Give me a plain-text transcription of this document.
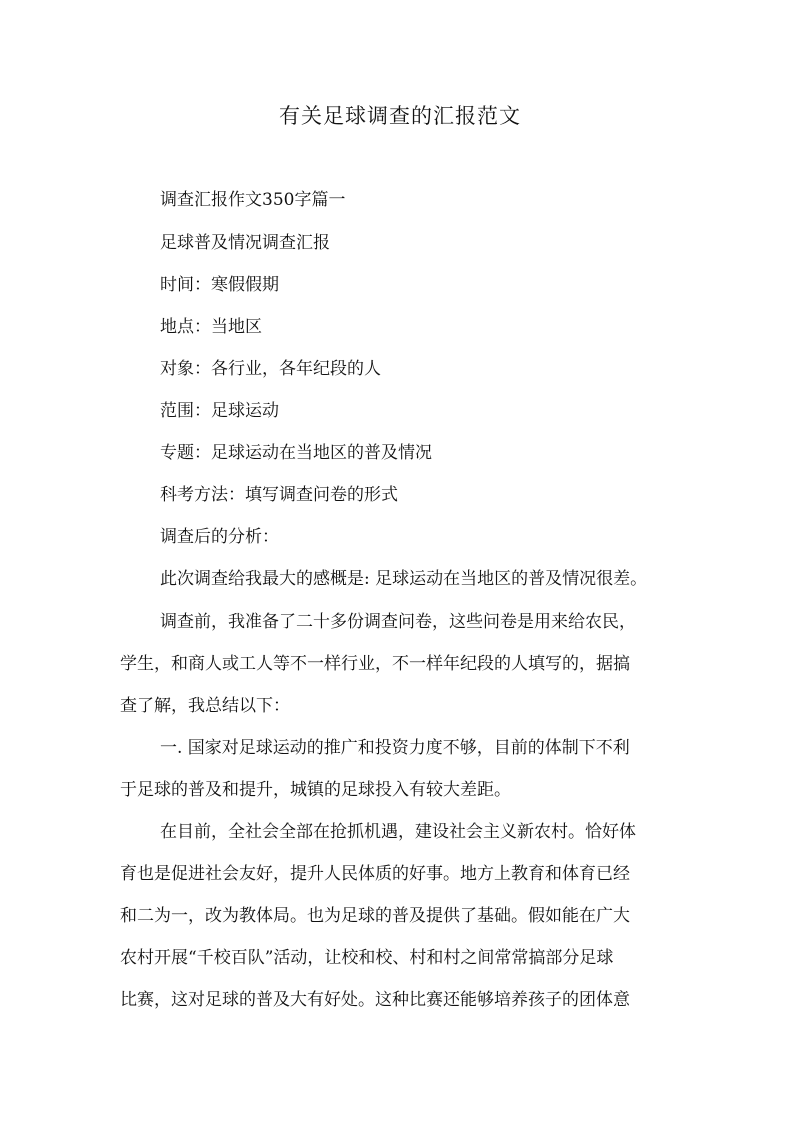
有关足球调查的汇报范文
调查汇报作文350字篇一
足球普及情况调查汇报
时间：寒假假期
地点：当地区
对象：各行业，各年纪段的人
范围：足球运动
专题：足球运动在当地区的普及情况
科考方法：填写调查问卷的形式
调查后的分析：
此次调查给我最大的感概是: 足球运动在当地区的普及情况很差。
调查前，我准备了二十多份调查问卷，这些问卷是用来给农民，
学生，和商人或工人等不一样行业，不一样年纪段的人填写的，据搞
查了解，我总结以下：
一. 国家对足球运动的推广和投资力度不够，目前的体制下不利
于足球的普及和提升，城镇的足球投入有较大差距。
在目前，全社会全部在抢抓机遇，建设社会主义新农村。恰好体
育也是促进社会友好，提升人民体质的好事。地方上教育和体育已经
和二为一，改为教体局。也为足球的普及提供了基础。假如能在广大
农村开展“千校百队”活动，让校和校、村和村之间常常搞部分足球
比赛，这对足球的普及大有好处。这种比赛还能够培养孩子的团体意
